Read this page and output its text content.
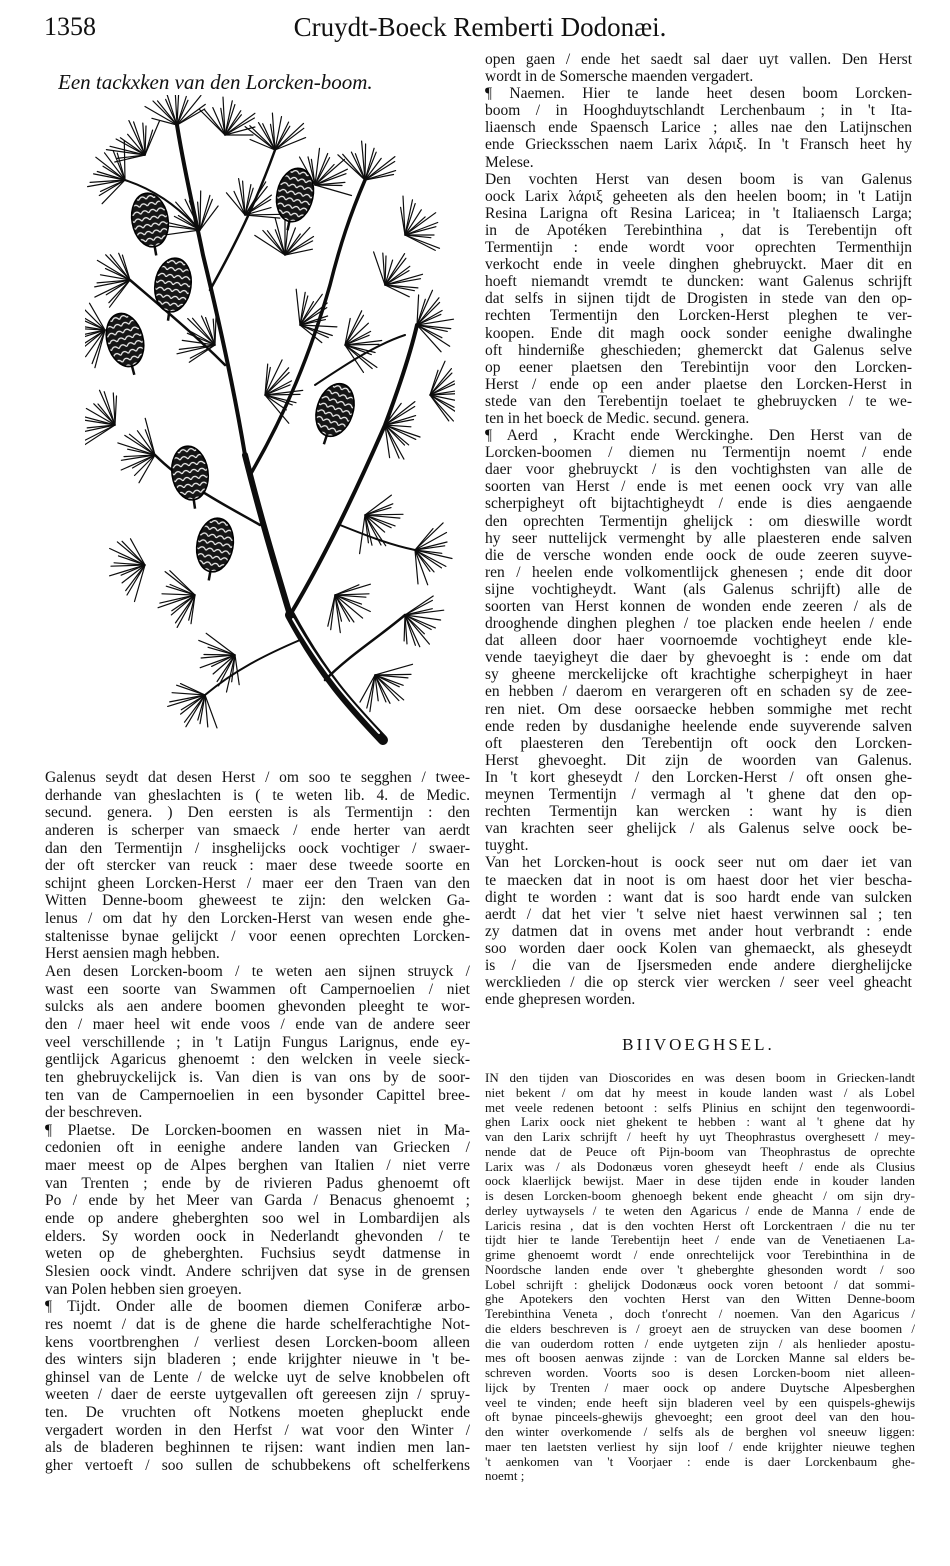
1358	Cruydt-Boeck Remberti Dodonæi.
Een tackxken van den Lorcken-boom.
Galenus seydt dat desen Herst / om soo te segghen / twee-
derhande van gheslachten is ( te weten lib. 4. de Medic.
secund. genera. ) Den eersten is als Termentijn : den
anderen is scherper van smaeck / ende herter van aerdt
dan den Termentijn / insghelijcks oock vochtiger / swaer-
der oft stercker van reuck : maer dese tweede soorte en
schijnt gheen Lorcken-Herst / maer eer den Traen van den
Witten Denne-boom gheweest te zijn: den welcken Ga-
lenus / om dat hy den Lorcken-Herst van wesen ende ghe-
staltenisse bynae gelijckt / voor eenen oprechten Lorcken-
Herst aensien magh hebben.
Aen desen Lorcken-boom / te weten aen sijnen struyck /
wast een soorte van Swammen oft Campernoelien / niet
sulcks als aen andere boomen ghevonden pleeght te wor-
den / maer heel wit ende voos / ende van de andere seer
veel verschillende ; in 't Latijn Fungus Larignus, ende ey-
gentlijck Agaricus ghenoemt : den welcken in veele sieck-
ten ghebruyckelijck is. Van dien is van ons by de soor-
ten van de Campernoelien in een bysonder Capittel bree-
der beschreven.
¶ Plaetse. De Lorcken-boomen en wassen niet in Ma-
cedonien oft in eenighe andere landen van Griecken /
maer meest op de Alpes berghen van Italien / niet verre
van Trenten ; ende by de rivieren Padus ghenoemt oft
Po / ende by het Meer van Garda / Benacus ghenoemt ;
ende op andere gheberghten soo wel in Lombardijen als
elders. Sy worden oock in Nederlandt ghevonden / te
weten op de gheberghten. Fuchsius seydt datmense in
Slesien oock vindt. Andere schrijven dat syse in de grensen
van Polen hebben sien groeyen.
¶ Tijdt. Onder alle de boomen diemen Coniferæ arbo-
res noemt / dat is de ghene die harde schelferachtighe Not-
kens voortbrenghen / verliest desen Lorcken-boom alleen
des winters sijn bladeren ; ende krijghter nieuwe in 't be-
ghinsel van de Lente / de welcke uyt de selve knobbelen oft
weeten / daer de eerste uytgevallen oft gereesen zijn / spruy-
ten. De vruchten oft Notkens moeten ghepluckt ende
vergadert worden in den Herfst / wat voor den Winter /
als de bladeren beghinnen te rijsen: want indien men lan-
gher vertoeft / soo sullen de schubbekens oft schelferkens
open gaen / ende het saedt sal daer uyt vallen. Den Herst
wordt in de Somersche maenden vergadert.
¶ Naemen. Hier te lande heet desen boom Lorcken-
boom / in Hooghduytschlandt Lerchenbaum ; in 't Ita-
liaensch ende Spaensch Larice ; alles nae den Latijnschen
ende Griecksschen naem Larix λάριξ. In 't Fransch heet hy
Melese.
Den vochten Herst van desen boom is van Galenus
oock Larix λάριξ geheeten als den heelen boom; in 't Latijn
Resina Larigna oft Resina Laricea; in 't Italiaensch Larga;
in de Apotéken Terebinthina , dat is Terebentijn oft
Termentijn : ende wordt voor oprechten Termenthijn
verkocht ende in veele dinghen ghebruyckt. Maer dit en
hoeft niemandt vremdt te duncken: want Galenus schrijft
dat selfs in sijnen tijdt de Drogisten in stede van den op-
rechten Termentijn den Lorcken-Herst pleghen te ver-
koopen. Ende dit magh oock sonder eenighe dwalinghe
oft hinderniße gheschieden; ghemerckt dat Galenus selve
op eener plaetsen den Terebintijn voor den Lorcken-
Herst / ende op een ander plaetse den Lorcken-Herst in
stede van den Terebentijn toelaet te ghebruycken / te we-
ten in het boeck de Medic. secund. genera.
¶ Aerd , Kracht ende Werckinghe. Den Herst van de
Lorcken-boomen / diemen nu Termentijn noemt / ende
daer voor ghebruyckt / is den vochtighsten van alle de
soorten van Herst / ende is met eenen oock vry van alle
scherpigheyt oft bijtachtigheydt / ende is dies aengaende
den oprechten Termentijn ghelijck : om dieswille wordt
hy seer nuttelijck vermenght by alle plaesteren ende salven
die de versche wonden ende oock de oude zeeren suyve-
ren / heelen ende volkomentlijck ghenesen ; ende dit door
sijne vochtigheydt. Want (als Galenus schrijft) alle de
soorten van Herst konnen de wonden ende zeeren / als de
drooghende dinghen pleghen / toe placken ende heelen / ende
dat alleen door haer voornoemde vochtigheyt ende kle-
vende taeyigheyt die daer by ghevoeght is : ende om dat
sy gheene merckelijcke oft krachtighe scherpigheyt in haer
en hebben / daerom en verargeren oft en schaden sy de zee-
ren niet. Om dese oorsaecke hebben sommighe met recht
ende reden by dusdanighe heelende ende suyverende salven
oft plaesteren den Terebentijn oft oock den Lorcken-
Herst ghevoeght. Dit zijn de woorden van Galenus.
In 't kort gheseydt / den Lorcken-Herst / oft onsen ghe-
meynen Termentijn / vermagh al 't ghene dat den op-
rechten Termentijn kan wercken : want hy is dien
van krachten seer ghelijck / als Galenus selve oock be-
tuyght.
Van het Lorcken-hout is oock seer nut om daer iet van
te maecken dat in noot is om haest door het vier bescha-
dight te worden : want dat is soo hardt ende van sulcken
aerdt / dat het vier 't selve niet haest verwinnen sal ; ten
zy datmen dat in ovens met ander hout verbrandt : ende
soo worden daer oock Kolen van ghemaeckt, als gheseydt
is / die van de Ijsersmeden ende andere dierghelijcke
wercklieden / die op sterck vier wercken / seer veel gheacht
ende ghepresen worden.
BIIVOEGHSEL.
IN den tijden van Dioscorides en was desen boom in Griecken-landt
niet bekent / om dat hy meest in koude landen wast / als Lobel
met veele redenen betoont : selfs Plinius en schijnt den tegenwoordi-
ghen Larix oock niet ghekent te hebben : want al 't ghene dat hy
van den Larix schrijft / heeft hy uyt Theophrastus overghesett / mey-
nende dat de Peuce oft Pijn-boom van Theophrastus de oprechte
Larix was / als Dodonæus voren gheseydt heeft / ende als Clusius
oock klaerlijck bewijst. Maer in dese tijden ende in kouder landen
is desen Lorcken-boom ghenoegh bekent ende gheacht / om sijn dry-
derley uytwaysels / te weten den Agaricus / ende de Manna / ende de
Laricis resina , dat is den vochten Herst oft Lorckentraen / die nu ter
tijdt hier te lande Terebentijn heet / ende van de Venetiaenen La-
grime ghenoemt wordt / ende onrechtelijck voor Terebinthina in de
Noordsche landen ende over 't gheberghte ghesonden wordt / soo
Lobel schrijft : ghelijck Dodonæus oock voren betoont / dat sommi-
ghe Apotekers den vochten Herst van den Witten Denne-boom
Terebinthina Veneta , doch t'onrecht / noemen. Van den Agaricus /
die elders beschreven is / groeyt aen de struycken van dese boomen /
die van ouderdom rotten / ende uytgeten zijn / als henlieder apostu-
mes oft boosen aenwas zijnde : van de Lorcken Manne sal elders be-
schreven worden. Voorts soo is desen Lorcken-boom niet alleen-
lijck by Trenten / maer oock op andere Duytsche Alpesberghen
veel te vinden; ende heeft sijn bladeren veel by een quispels-ghewijs
oft bynae pinceels-ghewijs ghevoeght; een groot deel van den hou-
den winter overkomende / selfs als de berghen vol sneeuw liggen:
maer ten laetsten verliest hy sijn loof / ende krijghter nieuwe teghen
't aenkomen van 't Voorjaer : ende is daer Lorckenbaum ghe-
noemt ;
